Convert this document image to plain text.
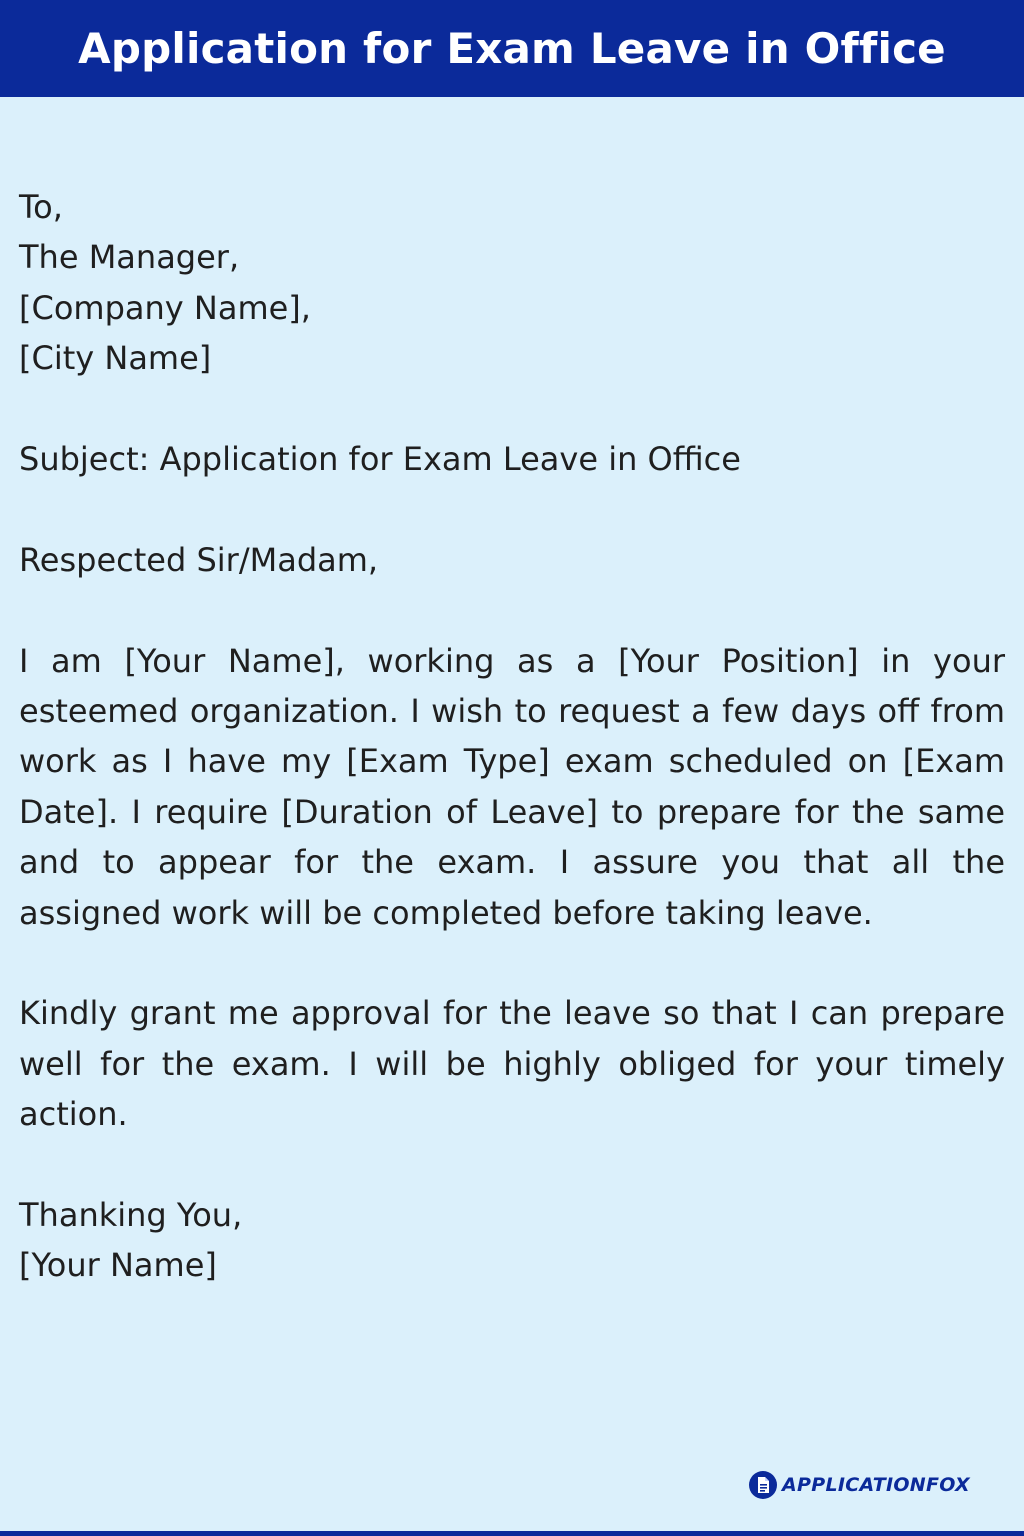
Application for Exam Leave in Office

To,

The Manager,

[Company Name],

[City Name]

Subject: Application for Exam Leave in Office

Respected Sir/Madam,

I am [Your Name], working as a [Your Position] in your esteemed organization. I wish to request a few days off from work as I have my [Exam Type] exam scheduled on [Exam Date]. I require [Duration of Leave] to prepare for the same and to appear for the exam. I assure you that all the assigned work will be completed before taking leave.

Kindly grant me approval for the leave so that I can prepare well for the exam. I will be highly obliged for your timely action.

Thanking You,

[Your Name]

APPLICATIONFOX
